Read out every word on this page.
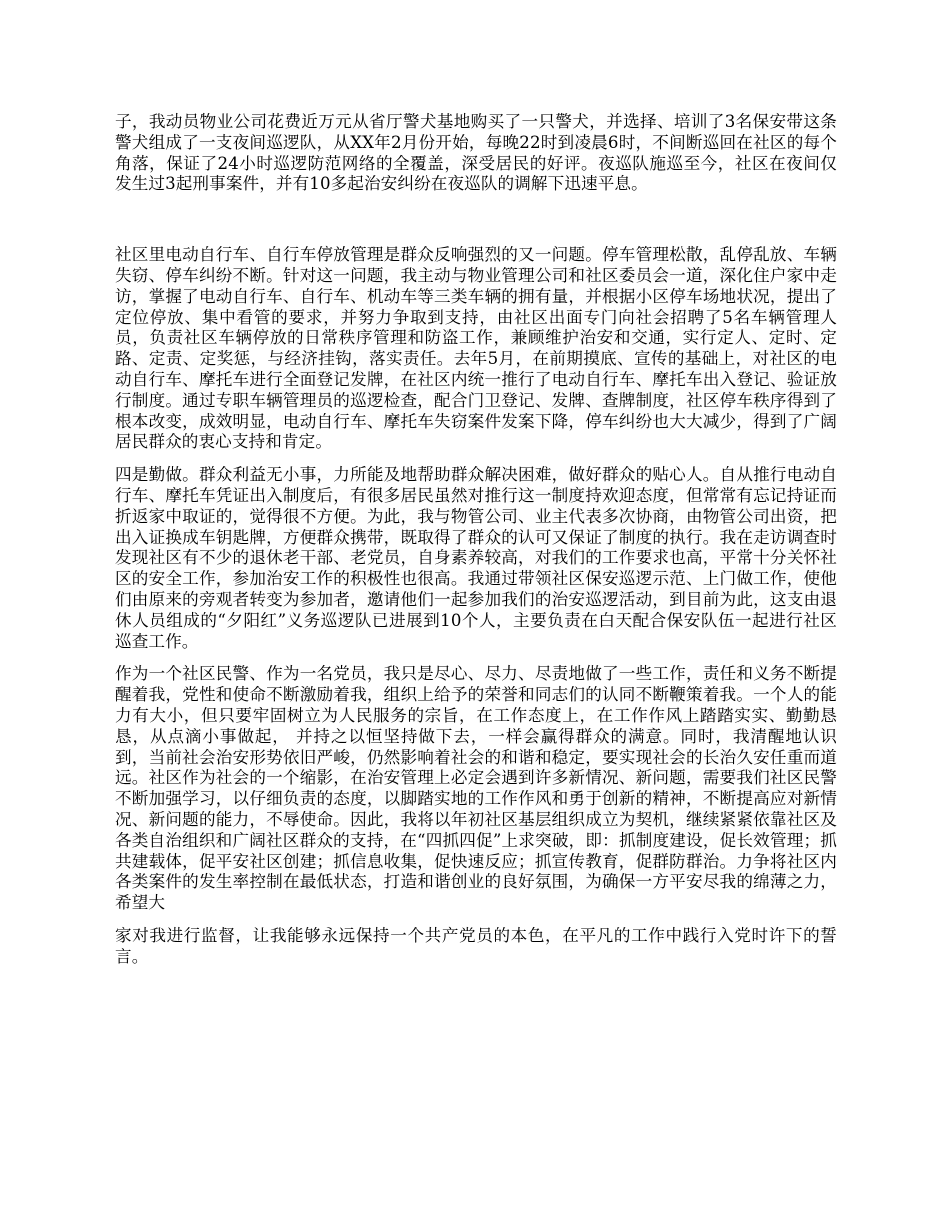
子，我动员物业公司花费近万元从省厅警犬基地购买了一只警犬，并选择、培训了3名保安带这条警犬组成了一支夜间巡逻队，从XX年2月份开始，每晚22时到凌晨6时，不间断巡回在社区的每个角落，保证了24小时巡逻防范网络的全覆盖，深受居民的好评。夜巡队施巡至今，社区在夜间仅发生过3起刑事案件，并有10多起治安纠纷在夜巡队的调解下迅速平息。

社区里电动自行车、自行车停放管理是群众反响强烈的又一问题。停车管理松散，乱停乱放、车辆失窃、停车纠纷不断。针对这一问题，我主动与物业管理公司和社区委员会一道，深化住户家中走访，掌握了电动自行车、自行车、机动车等三类车辆的拥有量，并根据小区停车场地状况，提出了定位停放、集中看管的要求，并努力争取到支持，由社区出面专门向社会招聘了5名车辆管理人员，负责社区车辆停放的日常秩序管理和防盗工作，兼顾维护治安和交通，实行定人、定时、定路、定责、定奖惩，与经济挂钩，落实责任。去年5月，在前期摸底、宣传的基础上，对社区的电动自行车、摩托车进行全面登记发牌，在社区内统一推行了电动自行车、摩托车出入登记、验证放行制度。通过专职车辆管理员的巡逻检查，配合门卫登记、发牌、查牌制度，社区停车秩序得到了根本改变，成效明显，电动自行车、摩托车失窃案件发案下降，停车纠纷也大大减少，得到了广阔居民群众的衷心支持和肯定。

四是勤做。群众利益无小事，力所能及地帮助群众解决困难，做好群众的贴心人。自从推行电动自行车、摩托车凭证出入制度后，有很多居民虽然对推行这一制度持欢迎态度，但常常有忘记持证而折返家中取证的，觉得很不方便。为此，我与物管公司、业主代表多次协商，由物管公司出资，把出入证换成车钥匙牌，方便群众携带，既取得了群众的认可又保证了制度的执行。我在走访调查时发现社区有不少的退休老干部、老党员，自身素养较高，对我们的工作要求也高，平常十分关怀社区的安全工作，参加治安工作的积极性也很高。我通过带领社区保安巡逻示范、上门做工作，使他们由原来的旁观者转变为参加者，邀请他们一起参加我们的治安巡逻活动，到目前为此，这支由退休人员组成的“夕阳红”义务巡逻队已进展到10个人，主要负责在白天配合保安队伍一起进行社区巡查工作。

作为一个社区民警、作为一名党员，我只是尽心、尽力、尽责地做了一些工作，责任和义务不断提醒着我，党性和使命不断激励着我，组织上给予的荣誉和同志们的认同不断鞭策着我。一个人的能力有大小，但只要牢固树立为人民服务的宗旨，在工作态度上，在工作作风上踏踏实实、勤勤恳恳，从点滴小事做起， 并持之以恒坚持做下去，一样会赢得群众的满意。同时，我清醒地认识到，当前社会治安形势依旧严峻，仍然影响着社会的和谐和稳定，要实现社会的长治久安任重而道远。社区作为社会的一个缩影，在治安管理上必定会遇到许多新情况、新问题，需要我们社区民警不断加强学习，以仔细负责的态度，以脚踏实地的工作作风和勇于创新的精神，不断提高应对新情况、新问题的能力，不辱使命。因此，我将以年初社区基层组织成立为契机，继续紧紧依靠社区及各类自治组织和广阔社区群众的支持，在“四抓四促”上求突破，即：抓制度建设，促长效管理；抓共建载体，促平安社区创建；抓信息收集，促快速反应；抓宣传教育，促群防群治。力争将社区内各类案件的发生率控制在最低状态，打造和谐创业的良好氛围，为确保一方平安尽我的绵薄之力，希望大

家对我进行监督，让我能够永远保持一个共产党员的本色，在平凡的工作中践行入党时许下的誓言。
